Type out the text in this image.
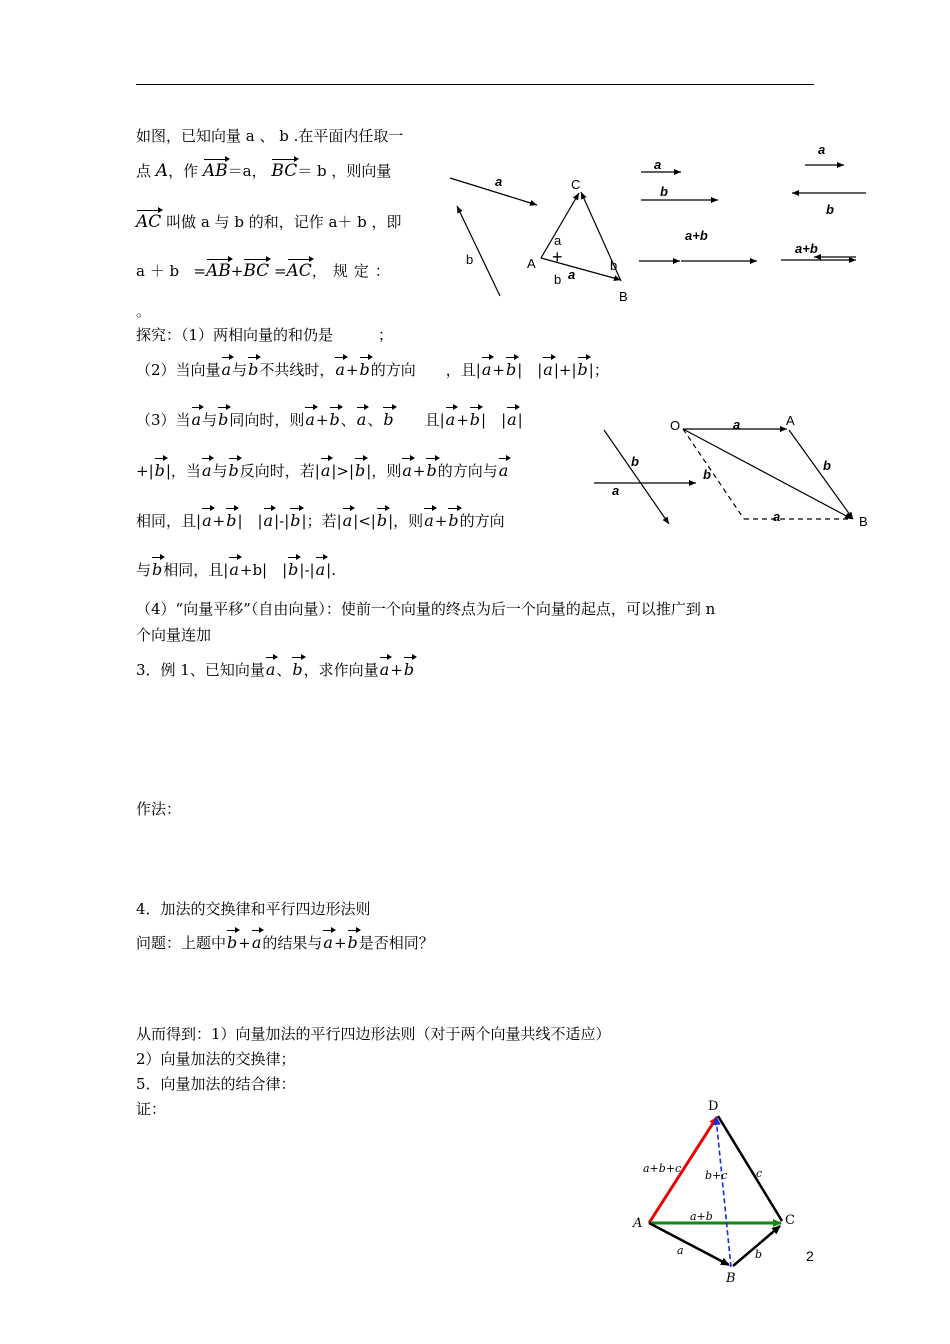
如图，已知向量 a 、 b .在平面内任取一
点 A，作 AB＝a， BC＝ b ，则向量
AC 叫做 a 与 b 的和，记作 a＋ b ，即
a ＋ b =AB+BC =AC，规定：
。
探究：（1）两相向量的和仍是　　　；
（2）当向量a与b不共线时，a+b的方向　　，且|a+b|　|a|+|b|；
（3）当a与b同向时，则a+b、a、b　　且|a+b|　|a|
+|b|，当a与b反向时，若|a|>|b|，则a+b的方向与a
相同，且|a+b|　|a|-|b|；若|a|<|b|，则a+b的方向
与b相同，且|a+b|　|b|-|a|.
（4）“向量平移”（自由向量）：使前一个向量的终点为后一个向量的起点，可以推广到 n
个向量连加
3．例 1、已知向量a、b，求作向量a+b
作法：
4．加法的交换律和平行四边形法则
问题：上题中b+a的结果与a+b是否相同？
从而得到：1）向量加法的平行四边形法则（对于两个向量共线不适应）
2）向量加法的交换律；
5．向量加法的结合律：
证：
a
b	A
B
C
a
+
b a
b
a
b
a+b
a
b
a+b
b
a
O	A
B
a
b
b
a
D
A
B
C
a+b+c
b+c	c
a+b
a	b	2
